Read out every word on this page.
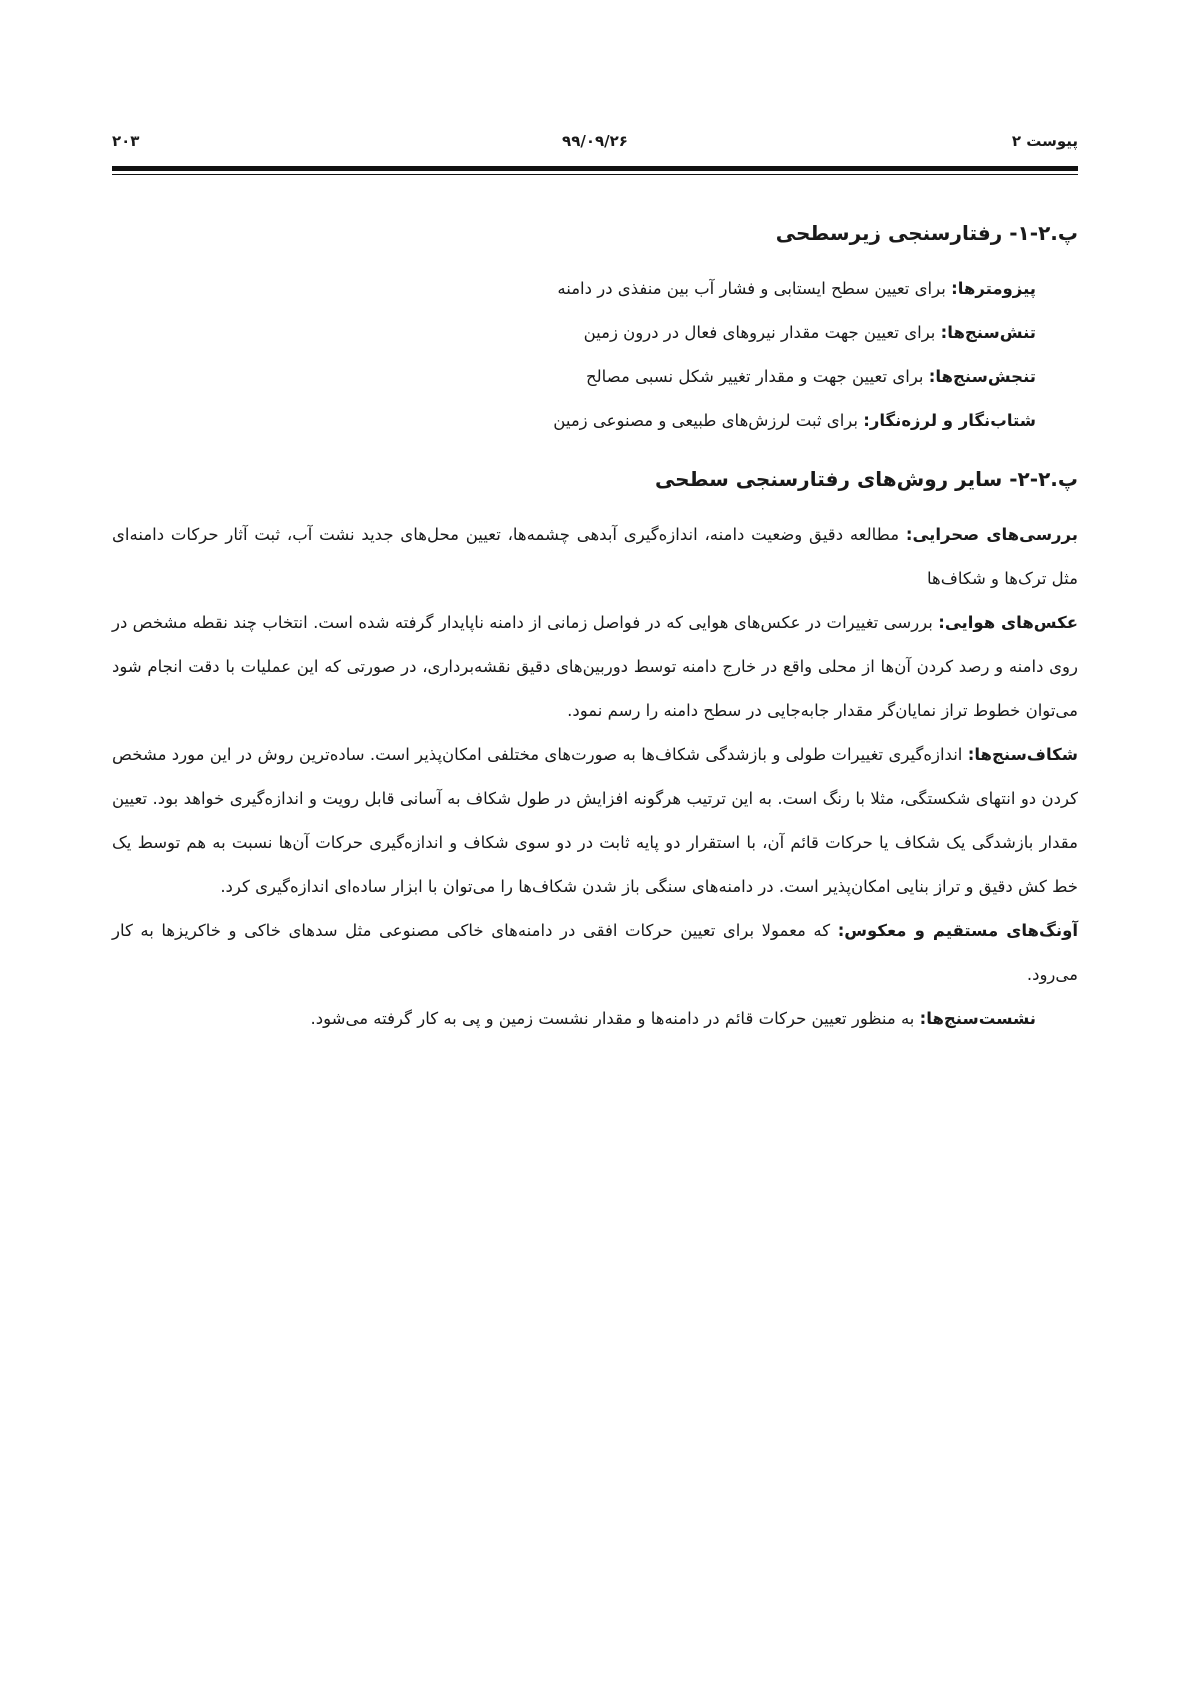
پیوست ۲
۹۹/۰۹/۲۶
۲۰۳
پ.۲-۱- رفتارسنجی زیرسطحی
پیزومترها: برای تعیین سطح ایستابی و فشار آب بین منفذی در دامنه
تنش‌سنج‌ها: برای تعیین جهت مقدار نیروهای فعال در درون زمین
تنجش‌سنج‌ها: برای تعیین جهت و مقدار تغییر شکل نسبی مصالح
شتاب‌نگار و لرزه‌نگار: برای ثبت لرزش‌های طبیعی و مصنوعی زمین
پ.۲-۲- سایر روش‌های رفتارسنجی سطحی

بررسی‌های صحرایی: مطالعه دقیق وضعیت دامنه، اندازه‌گیری آبدهی چشمه‌ها، تعیین محل‌های جدید نشت آب، ثبت آثار حرکات دامنه‌ای مثل ترک‌ها و شکاف‌ها

عکس‌های هوایی: بررسی تغییرات در عکس‌های هوایی که در فواصل زمانی از دامنه ناپایدار گرفته شده است. انتخاب چند نقطه مشخص در روی دامنه و رصد کردن آن‌ها از محلی واقع در خارج دامنه توسط دوربین‌های دقیق نقشه‌برداری، در صورتی که این عملیات با دقت انجام شود می‌توان خطوط تراز نمایان‌گر مقدار جابه‌جایی در سطح دامنه را رسم نمود.

شکاف‌سنج‌ها: اندازه‌گیری تغییرات طولی و بازشدگی شکاف‌ها به صورت‌های مختلفی امکان‌پذیر است. ساده‌ترین روش در این مورد مشخص کردن دو انتهای شکستگی، مثلا با رنگ است. به این ترتیب هرگونه افزایش در طول شکاف به آسانی قابل رویت و اندازه‌گیری خواهد بود. تعیین مقدار بازشدگی یک شکاف یا حرکات قائم آن، با استقرار دو پایه ثابت در دو سوی شکاف و اندازه‌گیری حرکات آن‌ها نسبت به هم توسط یک خط کش دقیق و تراز بنایی امکان‌پذیر است. در دامنه‌های سنگی باز شدن شکاف‌ها را می‌توان با ابزار ساده‌ای اندازه‌گیری کرد.

آونگ‌های مستقیم و معکوس: که معمولا برای تعیین حرکات افقی در دامنه‌های خاکی مصنوعی مثل سدهای خاکی و خاکریزها به کار می‌رود.

نشست‌سنج‌ها: به منظور تعیین حرکات قائم در دامنه‌ها و مقدار نشست زمین و پی به کار گرفته می‌شود.
